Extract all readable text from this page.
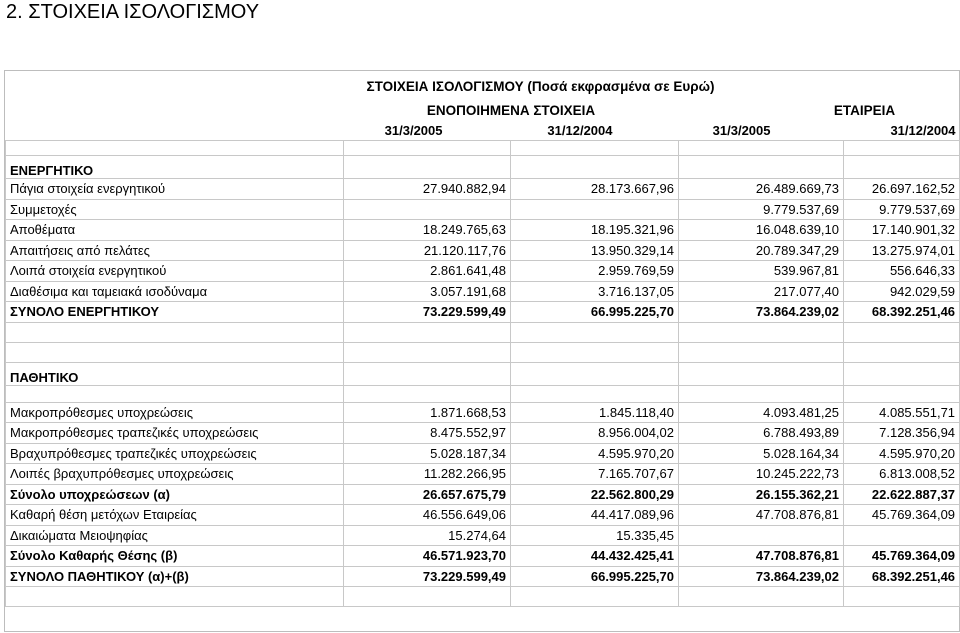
2. ΣΤΟΙΧΕΙΑ ΙΣΟΛΟΓΙΣΜΟΥ
ΣΤΟΙΧΕΙΑ ΙΣΟΛΟΓΙΣΜΟΥ (Ποσά εκφρασμένα σε Ευρώ)				
	ΕΝΟΠΟΙΗΜΕΝΑ ΣΤΟΙΧΕΙΑ		ΕΤΑΙΡΕΙΑ	
	31/3/2005	31/12/2004	31/3/2005	31/12/2004

ΕΝΕΡΓΗΤΙΚΟ				
Πάγια στοιχεία ενεργητικού	27.940.882,94	28.173.667,96	26.489.669,73	26.697.162,52
Συμμετοχές			9.779.537,69	9.779.537,69
Αποθέματα	18.249.765,63	18.195.321,96	16.048.639,10	17.140.901,32
Απαιτήσεις από πελάτες	21.120.117,76	13.950.329,14	20.789.347,29	13.275.974,01
Λοιπά στοιχεία ενεργητικού	2.861.641,48	2.959.769,59	539.967,81	556.646,33
Διαθέσιμα και ταμειακά ισοδύναμα	3.057.191,68	3.716.137,05	217.077,40	942.029,59
ΣΥΝΟΛΟ ΕΝΕΡΓΗΤΙΚΟΥ	73.229.599,49	66.995.225,70	73.864.239,02	68.392.251,46

ΠΑΘΗΤΙΚΟ				

Μακροπρόθεσμες υποχρεώσεις	1.871.668,53	1.845.118,40	4.093.481,25	4.085.551,71
Μακροπρόθεσμες τραπεζικές υποχρεώσεις	8.475.552,97	8.956.004,02	6.788.493,89	7.128.356,94
Βραχυπρόθεσμες τραπεζικές υποχρεώσεις	5.028.187,34	4.595.970,20	5.028.164,34	4.595.970,20
Λοιπές βραχυπρόθεσμες υποχρεώσεις	11.282.266,95	7.165.707,67	10.245.222,73	6.813.008,52
Σύνολο υποχρεώσεων (α)	26.657.675,79	22.562.800,29	26.155.362,21	22.622.887,37
Καθαρή θέση μετόχων Εταιρείας	46.556.649,06	44.417.089,96	47.708.876,81	45.769.364,09
Δικαιώματα Μειοψηφίας	15.274,64	15.335,45		
Σύνολο Καθαρής Θέσης (β)	46.571.923,70	44.432.425,41	47.708.876,81	45.769.364,09
ΣΥΝΟΛΟ ΠΑΘΗΤΙΚΟΥ (α)+(β)	73.229.599,49	66.995.225,70	73.864.239,02	68.392.251,46
